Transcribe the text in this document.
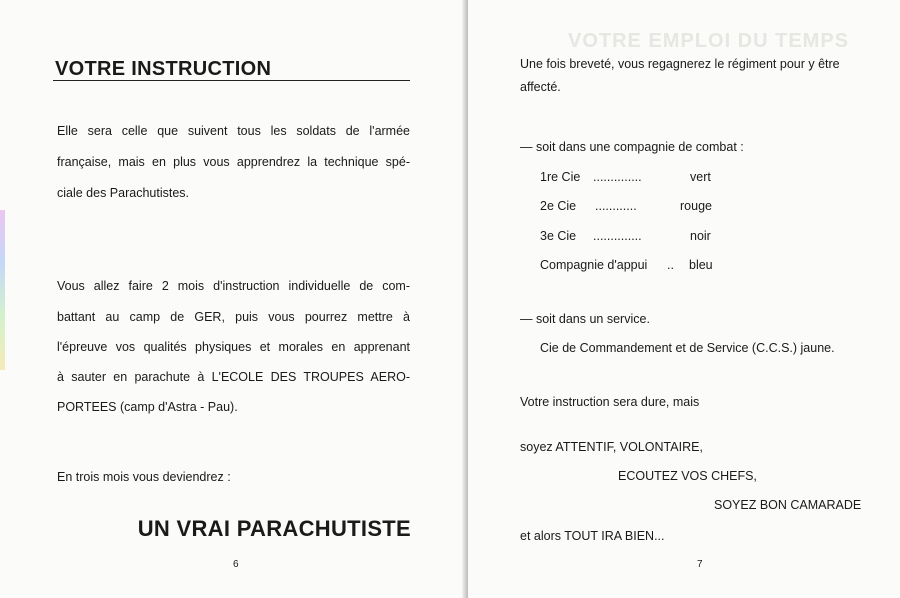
VOTRE INSTRUCTION
Elle sera celle que suivent tous les soldats de l'armée
française, mais en plus vous apprendrez la technique spé-
ciale des Parachutistes.
Vous allez faire 2 mois d'instruction individuelle de com-
battant au camp de GER, puis vous pourrez mettre à
l'épreuve vos qualités physiques et morales en apprenant
à sauter en parachute à L'ECOLE DES TROUPES AERO-
PORTEES (camp d'Astra - Pau).
En trois mois vous deviendrez :
UN VRAI PARACHUTISTE
6
VOTRE EMPLOI DU TEMPS
Une fois breveté, vous regagnerez le régiment pour y être
affecté.
— soit dans une compagnie de combat :
1re Cie ..............	vert
2e Cie ............	rouge
3e Cie ..............	noir
Compagnie d'appui .. bleu
— soit dans un service.
Cie de Commandement et de Service (C.C.S.) jaune.
Votre instruction sera dure, mais
soyez ATTENTIF, VOLONTAIRE,
ECOUTEZ VOS CHEFS,
SOYEZ BON CAMARADE
et alors TOUT IRA BIEN...
7
